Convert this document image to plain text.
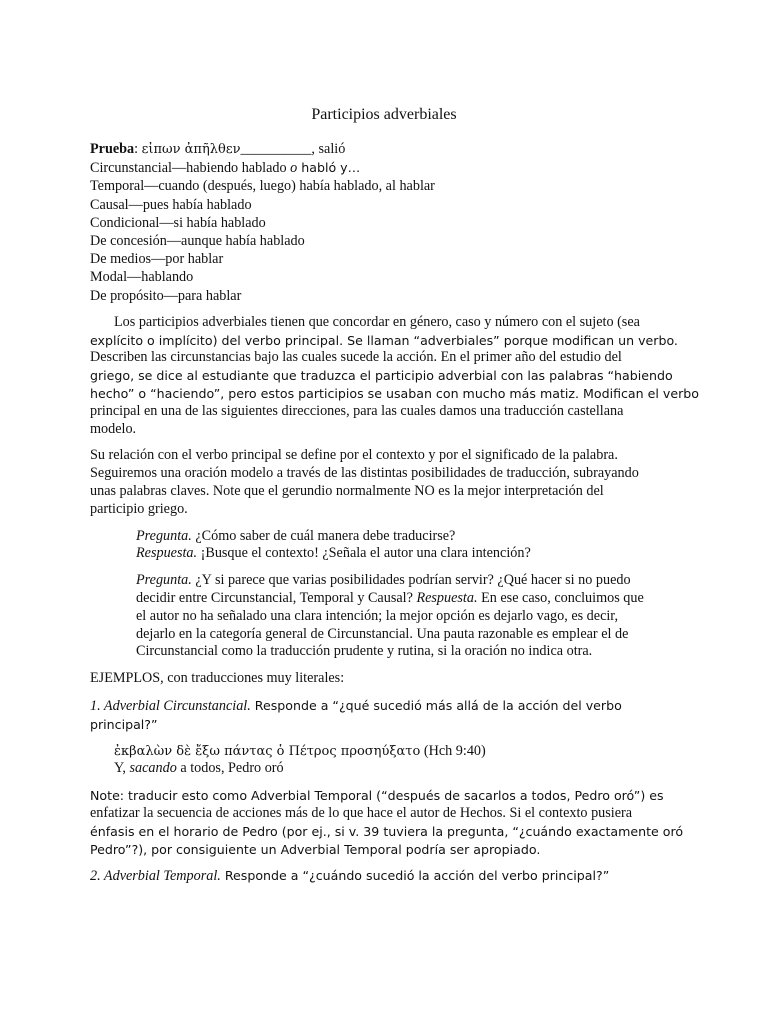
Participios adverbiales
Prueba: εἰπων ἀπῆλθεν__________, salió
Circunstancial—habiendo hablado o habló y…
Temporal—cuando (después, luego) había hablado, al hablar
Causal—pues había hablado
Condicional—si había hablado
De concesión—aunque había hablado
De medios—por hablar
Modal—hablando
De propósito—para hablar
Los participios adverbiales tienen que concordar en género, caso y número con el sujeto (sea
explícito o implícito) del verbo principal. Se llaman “adverbiales” porque modifican un verbo.
Describen las circunstancias bajo las cuales sucede la acción. En el primer año del estudio del
griego, se dice al estudiante que traduzca el participio adverbial con las palabras “habiendo
hecho” o “haciendo”, pero estos participios se usaban con mucho más matiz. Modifican el verbo
principal en una de las siguientes direcciones, para las cuales damos una traducción castellana
modelo.
Su relación con el verbo principal se define por el contexto y por el significado de la palabra.
Seguiremos una oración modelo a través de las distintas posibilidades de traducción, subrayando
unas palabras claves. Note que el gerundio normalmente NO es la mejor interpretación del
participio griego.
Pregunta. ¿Cómo saber de cuál manera debe traducirse?
Respuesta. ¡Busque el contexto! ¿Señala el autor una clara intención?
Pregunta. ¿Y si parece que varias posibilidades podrían servir? ¿Qué hacer si no puedo
decidir entre Circunstancial, Temporal y Causal? Respuesta. En ese caso, concluimos que
el autor no ha señalado una clara intención; la mejor opción es dejarlo vago, es decir,
dejarlo en la categoría general de Circunstancial. Una pauta razonable es emplear el de
Circunstancial como la traducción prudente y rutina, si la oración no indica otra.
EJEMPLOS, con traducciones muy literales:
1. Adverbial Circunstancial. Responde a “¿qué sucedió más allá de la acción del verbo
principal?”
ἐκβαλὼν δὲ ἔξω πάντας ὁ Πέτρος προσηύξατο (Hch 9:40)
Y, sacando a todos, Pedro oró
Note: traducir esto como Adverbial Temporal (“después de sacarlos a todos, Pedro oró”) es
enfatizar la secuencia de acciones más de lo que hace el autor de Hechos. Si el contexto pusiera
énfasis en el horario de Pedro (por ej., si v. 39 tuviera la pregunta, “¿cuándo exactamente oró
Pedro”?), por consiguiente un Adverbial Temporal podría ser apropiado.
2. Adverbial Temporal. Responde a “¿cuándo sucedió la acción del verbo principal?”
